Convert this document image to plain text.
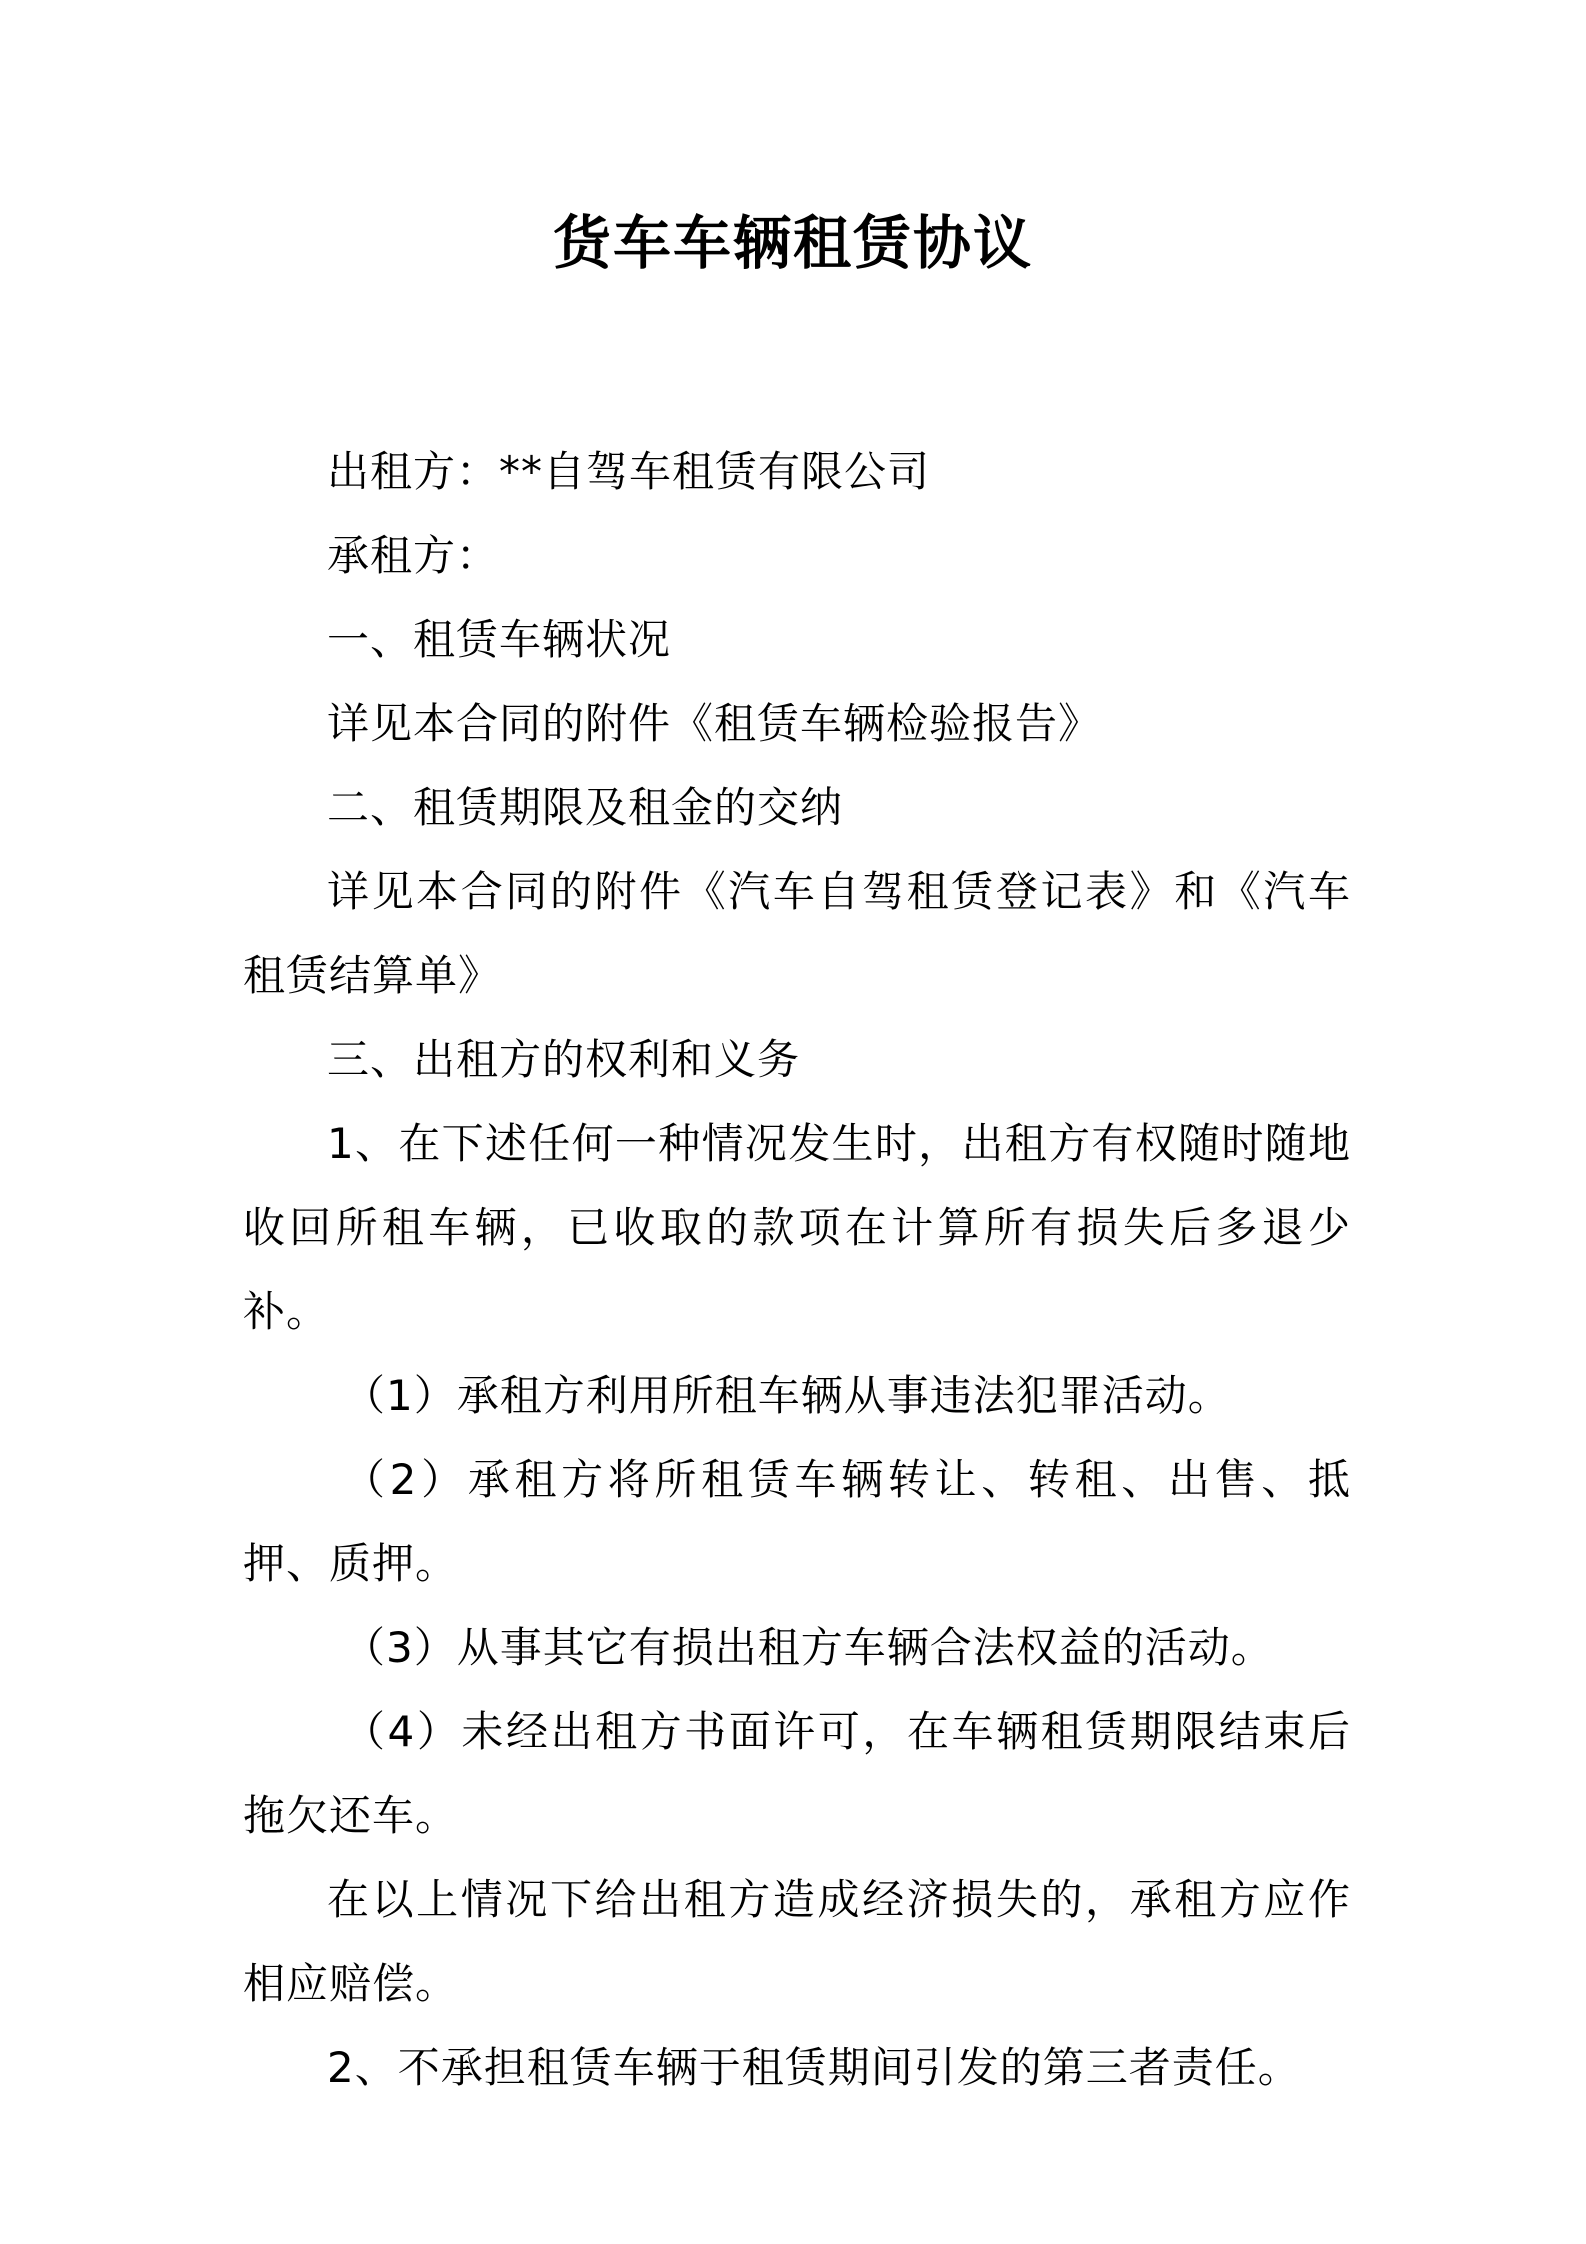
货车车辆租赁协议

出租方：**自驾车租赁有限公司

承租方：

一、租赁车辆状况

详见本合同的附件《租赁车辆检验报告》

二、租赁期限及租金的交纳

详见本合同的附件《汽车自驾租赁登记表》和《汽车租赁结算单》

三、出租方的权利和义务

1、在下述任何一种情况发生时，出租方有权随时随地收回所租车辆，已收取的款项在计算所有损失后多退少补。

（1）承租方利用所租车辆从事违法犯罪活动。

（2）承租方将所租赁车辆转让、转租、出售、抵押、质押。

（3）从事其它有损出租方车辆合法权益的活动。

（4）未经出租方书面许可，在车辆租赁期限结束后拖欠还车。

在以上情况下给出租方造成经济损失的，承租方应作相应赔偿。

2、不承担租赁车辆于租赁期间引发的第三者责任。
